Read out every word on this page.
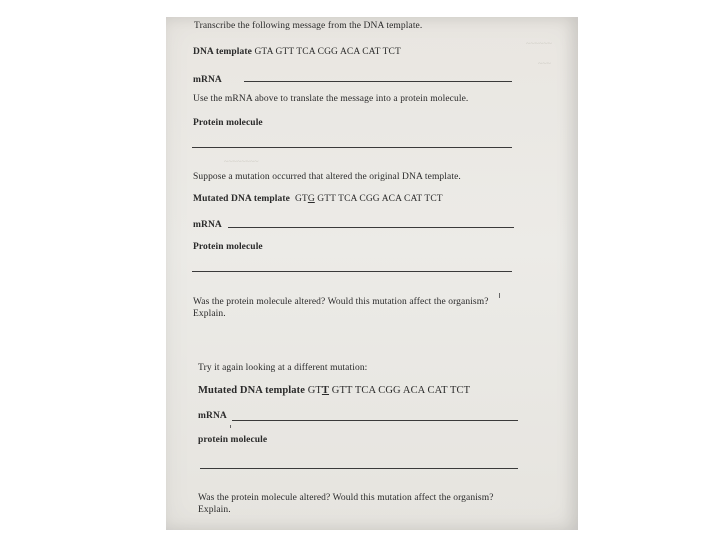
~~~~~~
~~~
~~~~~~~~
Transcribe the following message from the DNA template.
DNA template GTA GTT TCA CGG ACA CAT TCT
mRNA
Use the mRNA above to translate the message into a protein molecule.
Protein molecule
Suppose a mutation occurred that altered the original DNA template.
Mutated DNA template GTG GTT TCA CGG ACA CAT TCT
mRNA
Protein molecule
Was the protein molecule altered? Would this mutation affect the organism?
Explain.
Try it again looking at a different mutation:
Mutated DNA template GTT GTT TCA CGG ACA CAT TCT
mRNA
protein molecule
Was the protein molecule altered? Would this mutation affect the organism?
Explain.
